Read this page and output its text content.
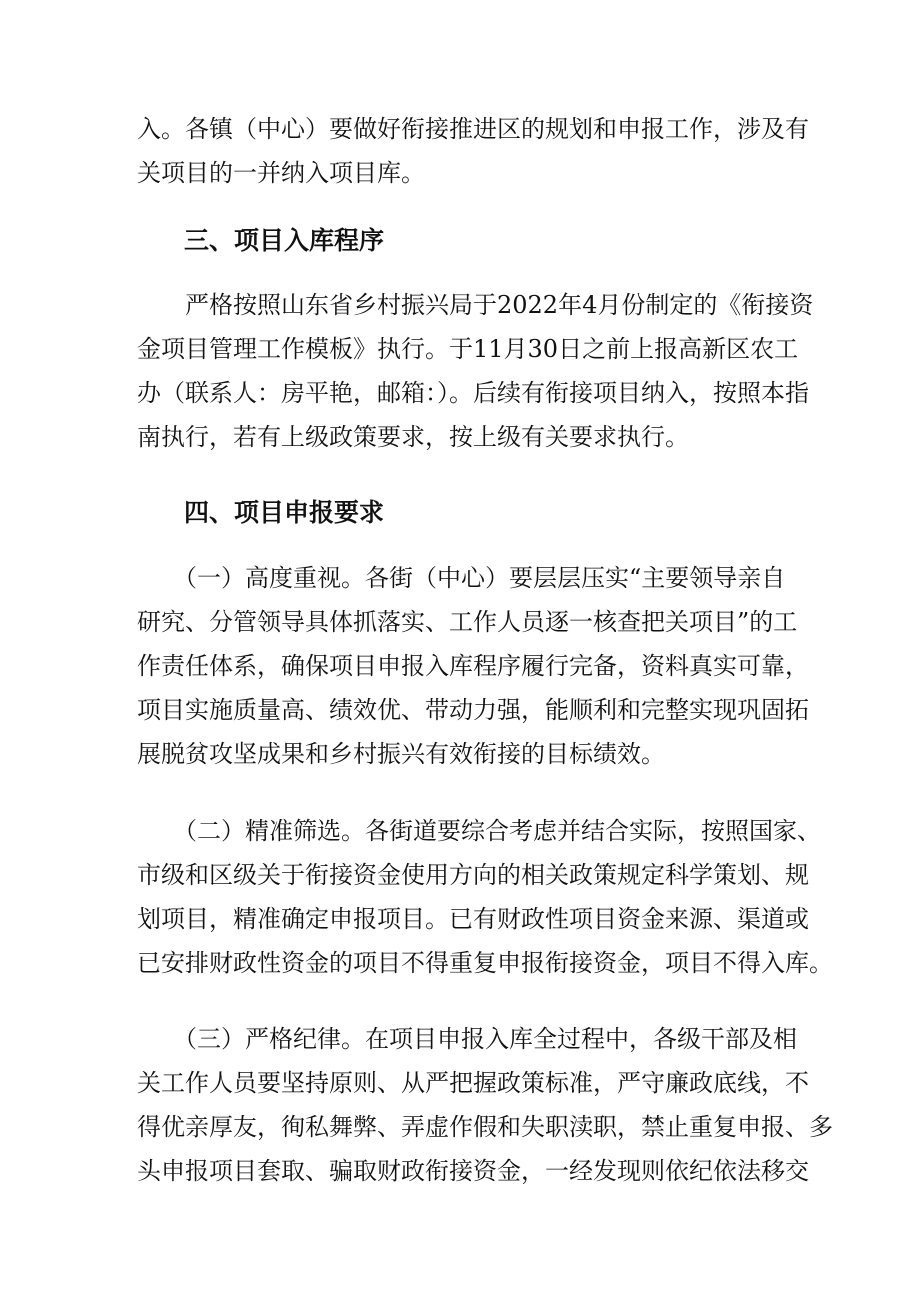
入。各镇（中心）要做好衔接推进区的规划和申报工作，涉及有
关项目的一并纳入项目库。

三、项目入库程序

　　严格按照山东省乡村振兴局于2022年4月份制定的《衔接资
金项目管理工作模板》执行。于11月30日之前上报高新区农工
办（联系人：房平艳，邮箱：）。后续有衔接项目纳入，按照本指
南执行，若有上级政策要求，按上级有关要求执行。

四、项目申报要求

　　（一）高度重视。各街（中心）要层层压实“主要领导亲自
研究、分管领导具体抓落实、工作人员逐一核查把关项目”的工
作责任体系，确保项目申报入库程序履行完备，资料真实可靠，
项目实施质量高、绩效优、带动力强，能顺利和完整实现巩固拓
展脱贫攻坚成果和乡村振兴有效衔接的目标绩效。

　　（二）精准筛选。各街道要综合考虑并结合实际，按照国家、
市级和区级关于衔接资金使用方向的相关政策规定科学策划、规
划项目，精准确定申报项目。已有财政性项目资金来源、渠道或
已安排财政性资金的项目不得重复申报衔接资金，项目不得入库。

　　（三）严格纪律。在项目申报入库全过程中，各级干部及相
关工作人员要坚持原则、从严把握政策标准，严守廉政底线，不
得优亲厚友，徇私舞弊、弄虚作假和失职渎职，禁止重复申报、多
头申报项目套取、骗取财政衔接资金，一经发现则依纪依法移交
